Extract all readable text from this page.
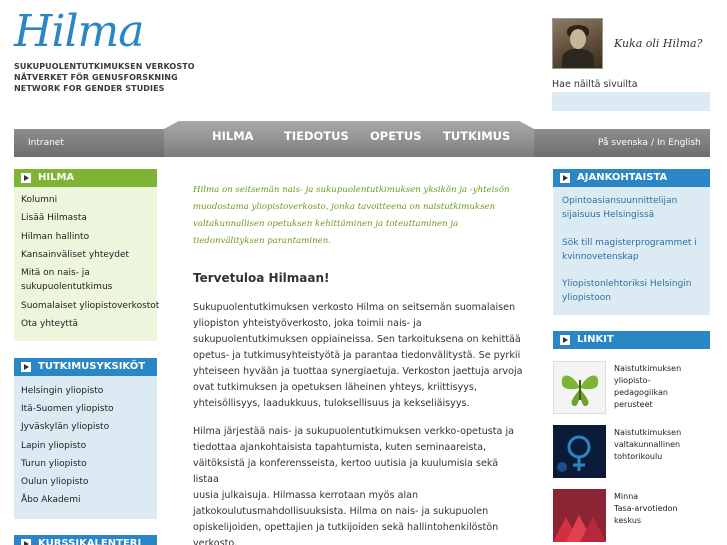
Hilma
SUKUPUOLENTUTKIMUKSEN VERKOSTO
NÄTVERKET FÖR GENUSFORSKNING
NETWORK FOR GENDER STUDIES
Kuka oli Hilma?
Hae näiltä sivuilta
Intranet	HILMA	TIEDOTUS OPETUS TUTKIMUS	På svenska / In English
HILMA
Kolumni
Lisää Hilmasta
Hilman hallinto
Kansainväliset yhteydet
Mitä on nais- ja
sukupuolentutkimus
Suomalaiset yliopistoverkostot
Ota yhteyttä
TUTKIMUSYKSIKÖT
Helsingin yliopisto
Itä-Suomen yliopisto
Jyväskylän yliopisto
Lapin yliopisto
Turun yliopisto
Oulun yliopisto
Åbo Akademi
KURSSIKALENTERI
Hilma on seitsemän nais- ja sukupuolentutkimuksen yksikön ja -yhteisön
muodostama yliopistoverkosto, jonka tavoitteena on naistutkimuksen
valtakunnallisen opetuksen kehittäminen ja toteuttaminen ja
tiedonvälityksen parantaminen.
Tervetuloa Hilmaan!
Sukupuolentutkimuksen verkosto Hilma on seitsemän suomalaisen
yliopiston yhteistyöverkosto, joka toimii nais- ja
sukupuolentutkimuksen oppiaineissa. Sen tarkoituksena on kehittää
opetus- ja tutkimusyhteistyötä ja parantaa tiedonvälitystä. Se pyrkii
yhteiseen hyvään ja tuottaa synergiaetuja. Verkoston jaettuja arvoja
ovat tutkimuksen ja opetuksen läheinen yhteys, kriittisyys,
yhteisöllisyys, laadukkuus, tuloksellisuus ja kekseliäisyys.
Hilma järjestää nais- ja sukupuolentutkimuksen verkko-opetusta ja
tiedottaa ajankohtaisista tapahtumista, kuten seminaareista,
väitöksistä ja konferensseista, kertoo uutisia ja kuulumisia sekä listaa
uusia julkaisuja. Hilmassa kerrotaan myös alan
jatkokoulutusmahdollisuuksista. Hilma on nais- ja sukupuolen
opiskelijoiden, opettajien ja tutkijoiden sekä hallintohenkilöstön
verkosto.
AJANKOHTAISTA
Opintoasiansuunnittelijan
sijaisuus Helsingissä
Sök till magisterprogrammet i
kvinnovetenskap
Yliopistonlehtoriksi Helsingin
yliopistoon
LINKIT
Naistutkimuksen
yliopisto-
pedagogiikan
perusteet
Naistutkimuksen
valtakunnallinen
tohtorikoulu
Minna
Tasa-arvotiedon
keskus
